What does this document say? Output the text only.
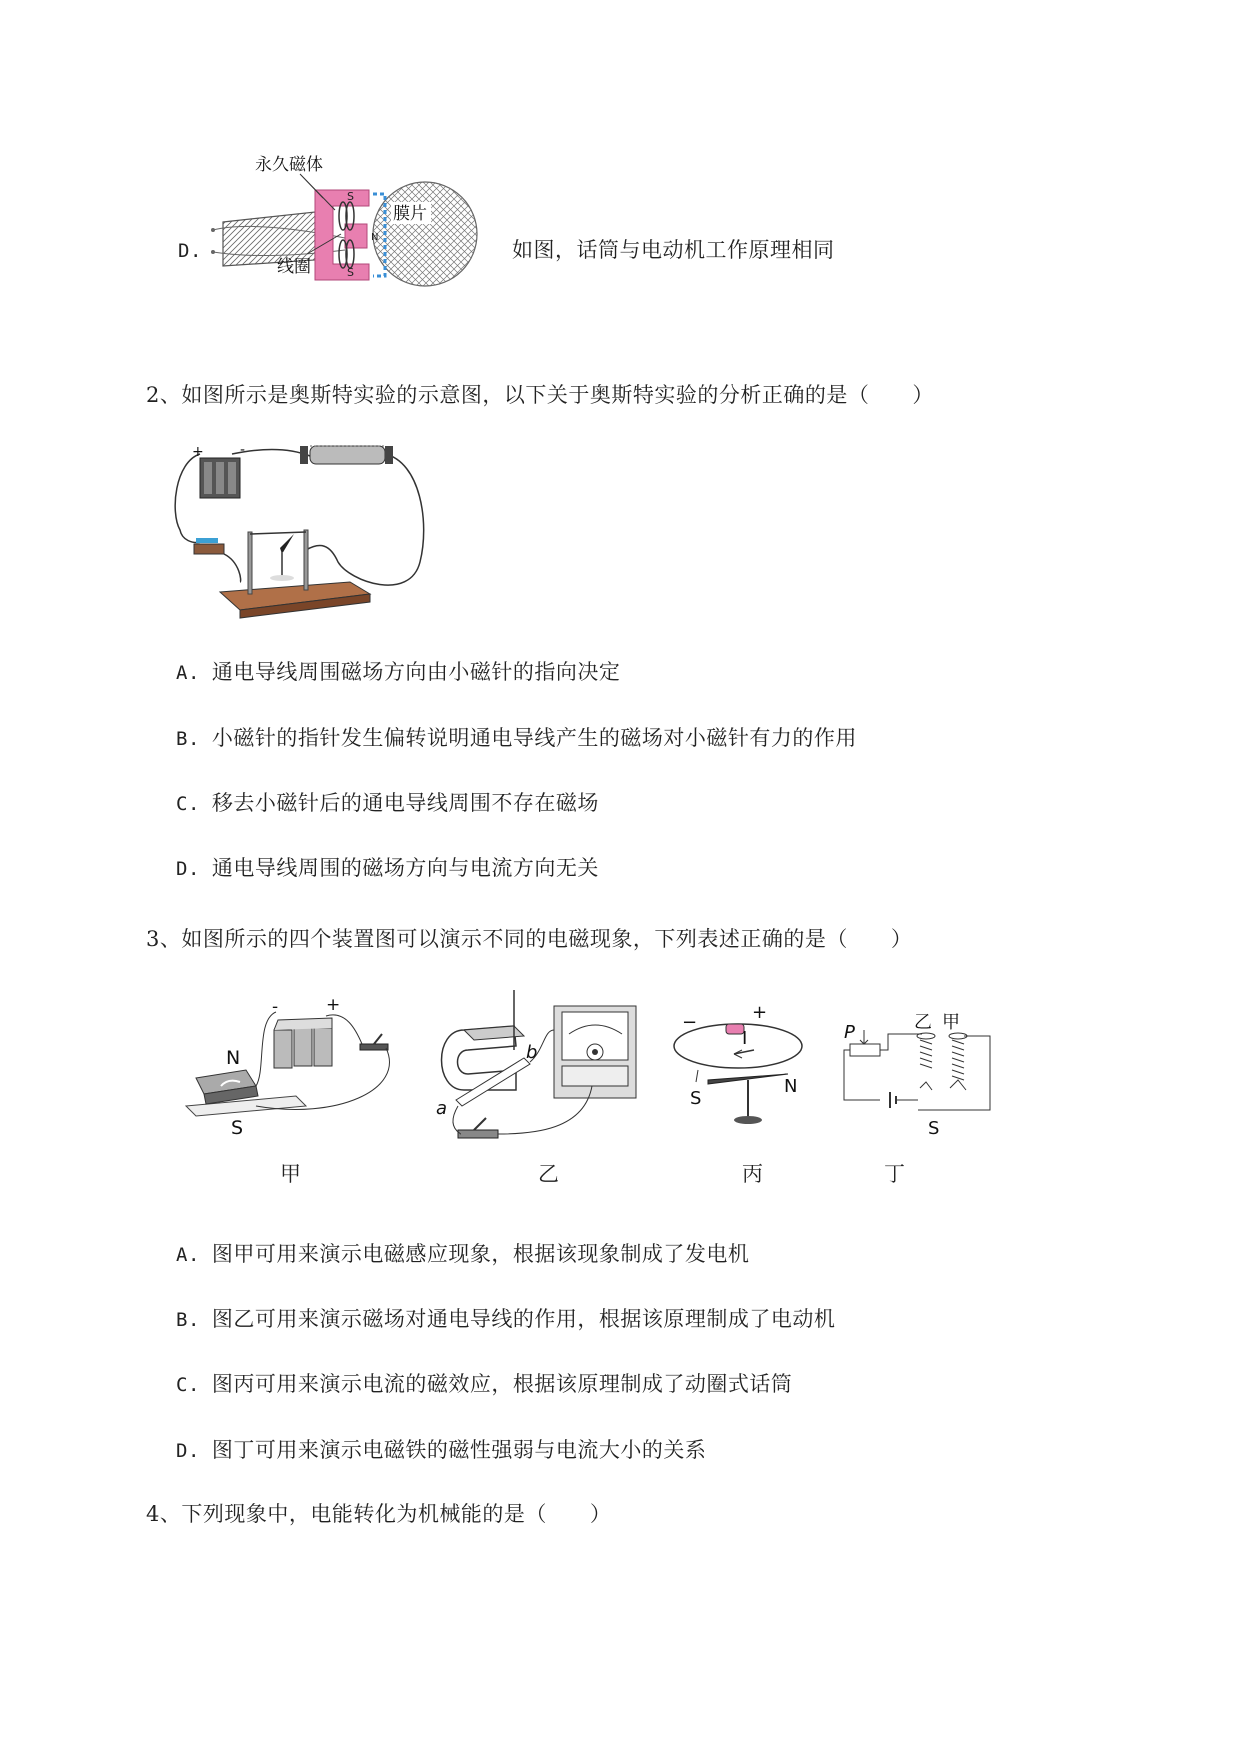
D.
S
N
S
永久磁体
膜片
线圈
如图，话筒与电动机工作原理相同
2、如图所示是奥斯特实验的示意图，以下关于奥斯特实验的分析正确的是（　　）
+	-
A. 通电导线周围磁场方向由小磁针的指向决定
B. 小磁针的指针发生偏转说明通电导线产生的磁场对小磁针有力的作用
C. 移去小磁针后的通电导线周围不存在磁场
D. 通电导线周围的磁场方向与电流方向无关
3、如图所示的四个装置图可以演示不同的电磁现象，下列表述正确的是（　　）
N
S
-	+
甲
a
b
乙
−	+
I
S
N
丙
P	乙 甲
S
丁
A. 图甲可用来演示电磁感应现象，根据该现象制成了发电机
B. 图乙可用来演示磁场对通电导线的作用，根据该原理制成了电动机
C. 图丙可用来演示电流的磁效应，根据该原理制成了动圈式话筒
D. 图丁可用来演示电磁铁的磁性强弱与电流大小的关系
4、下列现象中，电能转化为机械能的是（　　）
